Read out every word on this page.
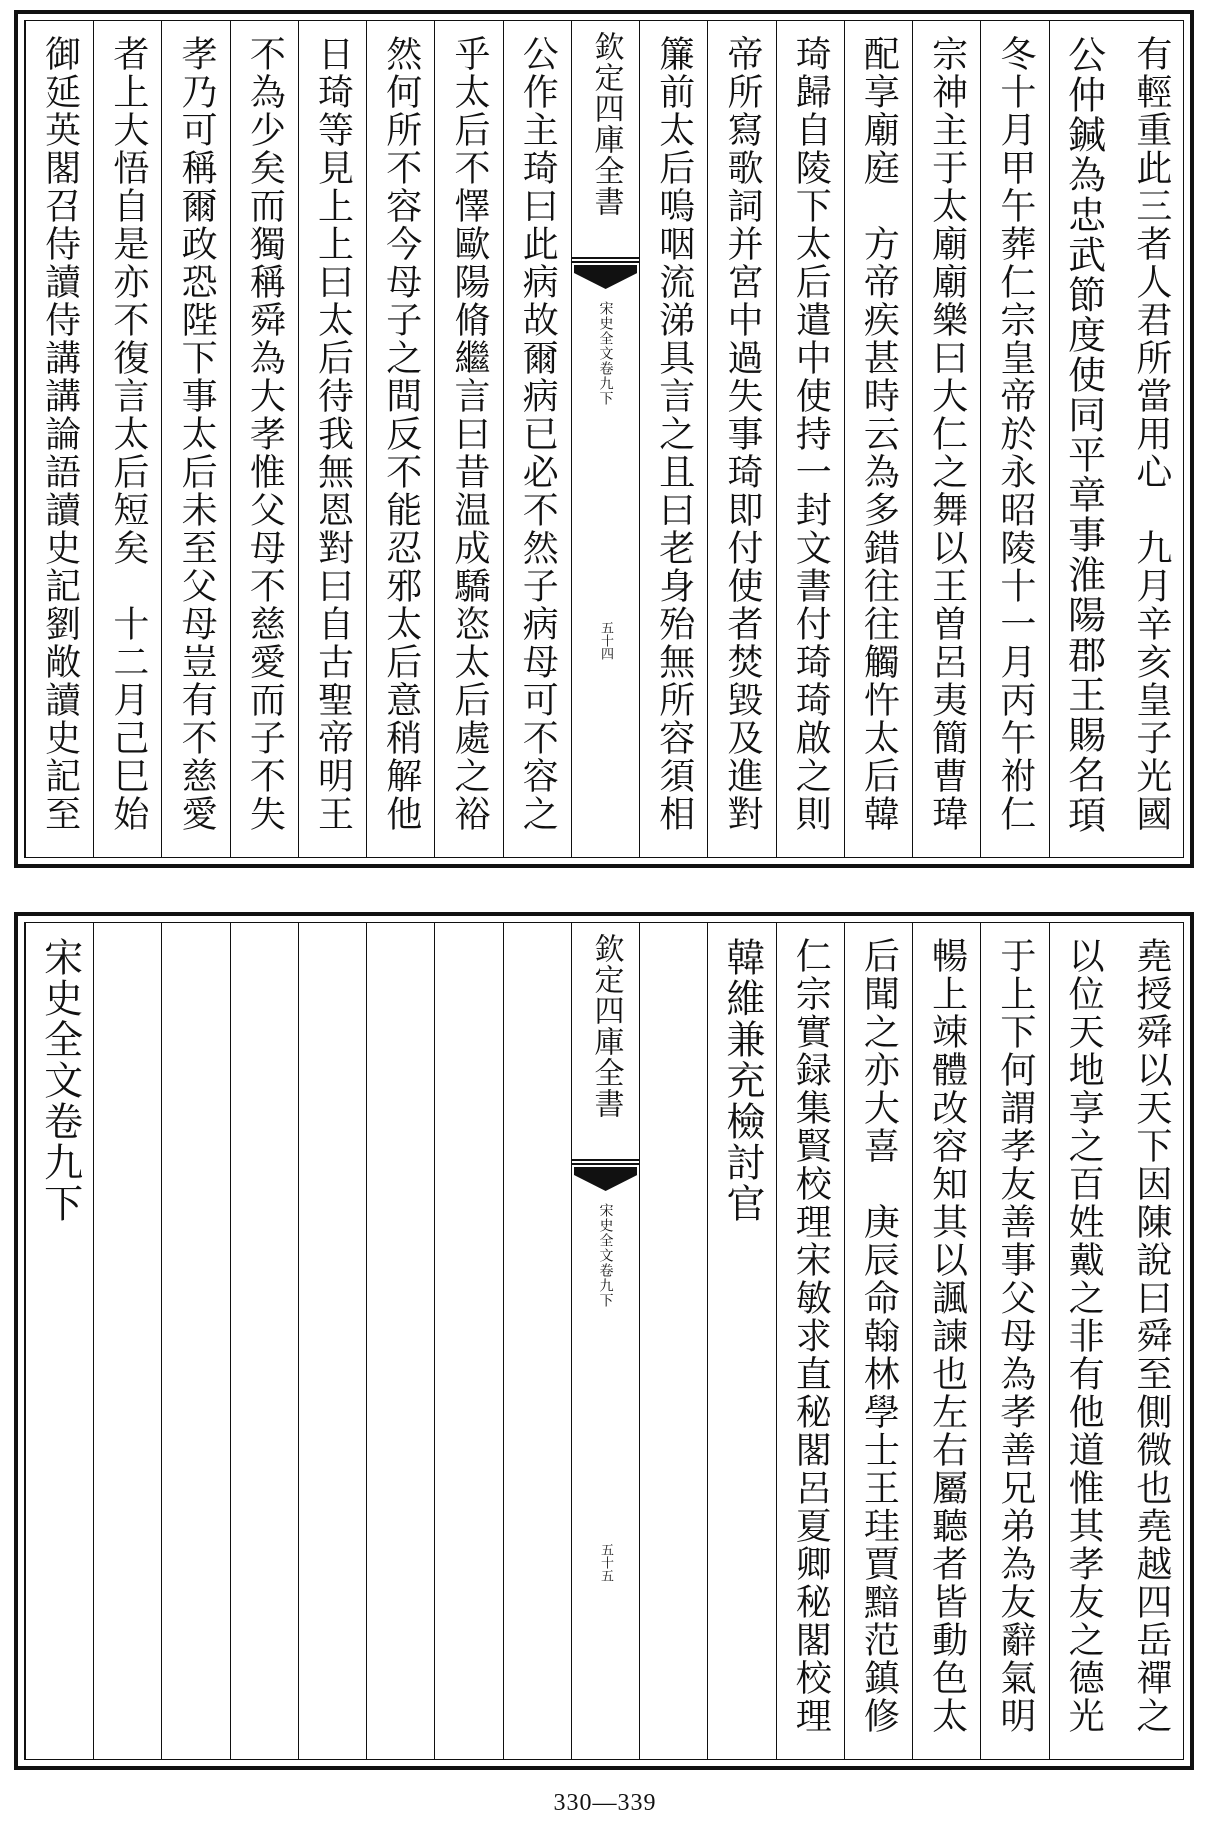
有輕重此三者人君所當用心　九月辛亥皇子光國
公仲鍼為忠武節度使同平章事淮陽郡王賜名頊
冬十月甲午葬仁宗皇帝於永昭陵十一月丙午祔仁
宗神主于太廟廟樂曰大仁之舞以王曽呂夷簡曹瑋
配享廟庭　方帝疾甚時云為多錯往往觸忤太后韓
琦歸自陵下太后遣中使持一封文書付琦琦啟之則
帝所寫歌詞并宮中過失事琦即付使者焚毀及進對
簾前太后嗚咽流涕具言之且曰老身殆無所容須相
欽定四庫全書
宋史全文卷九下
五十四
公作主琦曰此病故爾病已必不然子病母可不容之
乎太后不懌歐陽脩繼言曰昔温成驕恣太后處之裕
然何所不容今母子之間反不能忍邪太后意稍解他
日琦等見上上曰太后待我無恩對曰自古聖帝明王
不為少矣而獨稱舜為大孝惟父母不慈愛而子不失
孝乃可稱爾政恐陛下事太后未至父母豈有不慈愛
者上大悟自是亦不復言太后短矣　十二月己巳始
御延英閣召侍讀侍講講論語讀史記劉敞讀史記至
堯授舜以天下因陳說曰舜至側微也堯越四岳禪之
以位天地享之百姓戴之非有他道惟其孝友之德光
于上下何謂孝友善事父母為孝善兄弟為友辭氣明
暢上竦體改容知其以諷諫也左右屬聽者皆動色太
后聞之亦大喜　庚辰命翰林學士王珪賈黯范鎮修
仁宗實録集賢校理宋敏求直秘閣呂夏卿秘閣校理
韓維兼充檢討官
欽定四庫全書
宋史全文卷九下
五十五
宋史全文卷九下
330—339
